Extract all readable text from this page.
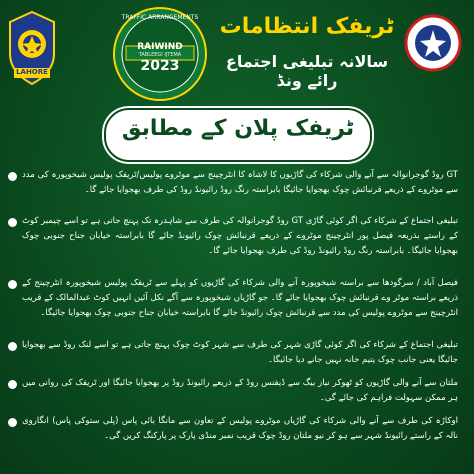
LAHORE
TRAFFIC ARRANGEMENTS
RAIWIND
TABLEEGI IJTEMA
2023
ٹریفک انتظامات
سالانہ تبلیغی اجتماع رائے ونڈ
ٹریفک پلان کے مطابق
GT روڈ گوجرانوالہ سے آنے والی شرکاء کی گاڑیوں کا لاشاہ کا انٹرچینج سے موٹروے پولیس/ٹریفک پولیس شیخوپورہ کی مدد سے موٹروے کے ذریعے قرنبائش چوک بھجوایا جائیگا بابراستہ رنگ روڈ رائیونڈ روڈ کی طرف بھجوایا جائے گا۔
تبلیغی اجتماع کے شرکاء کی اگر کوئی گاڑی GT روڈ گوجرانوالہ کی طرف سے شاہدرہ تک پہنچ جاتی ہے تو اسے چیمبر کوٹ کے راستے بذریعہ فیصل پور انٹرچینج موٹروے کے ذریعے قرنبائش چوک رائیونڈ جائے گا بابراستہ خیابان جناح جنوبی چوک بھجوایا جائیگا۔ بابراستہ رنگ روڈ رائیونڈ روڈ کی طرف بھجوایا جائے گا۔
فیصل آباد / سرگودھا سے براستہ شیخوپورہ آنے والی شرکاء کی گاڑیوں کو پہلے سے ٹریفک پولیس شیخوپورہ انٹرچینج کے ذریعے براستہ موٹر وے قرنبائش چوک بھجوایا جائے گا۔ جو گاڑیاں شیخوپورہ سے آگے نکل آئیں انہیں کوٹ عبدالمالک کے قریب انٹرچینج سے موٹروے پولیس کی مدد سے قرنبائش چوک رائیونڈ جائے گا بابراستہ خیابان جناح جنوبی چوک بھجوایا جائیگا۔
تبلیغی اجتماع کے شرکاء کی اگر کوئی گاڑی شہر کی طرف سے شہر کوٹ چوک پہنچ جاتی ہے تو اسے لنک روڈ سے بھجوایا جائیگا یعنی جانب چوک یتیم خانہ نہیں جانے دیا جائیگا۔
ملتان سے آنے والی گاڑیوں کو ٹھوکر نیاز بیگ سے ڈیفنس روڈ کے ذریعے رائیونڈ روڈ پر بھجوایا جائیگا اور ٹریفک کی روانی میں ہر ممکن سہولت فراہم کی جائے گی۔
اوکاڑہ کی طرف سے آنے والی شرکاء کی گاڑیاں موٹروے پولیس کے تعاون سے مانگا بائی پاس (پلی ستوکی پاس) انگاروی نالہ کے راستے رائیونڈ شہر سے ہو کر نیو ملتان روڈ چوک قریب نمبر منڈی پارک پر پارکنگ کریں گی۔
